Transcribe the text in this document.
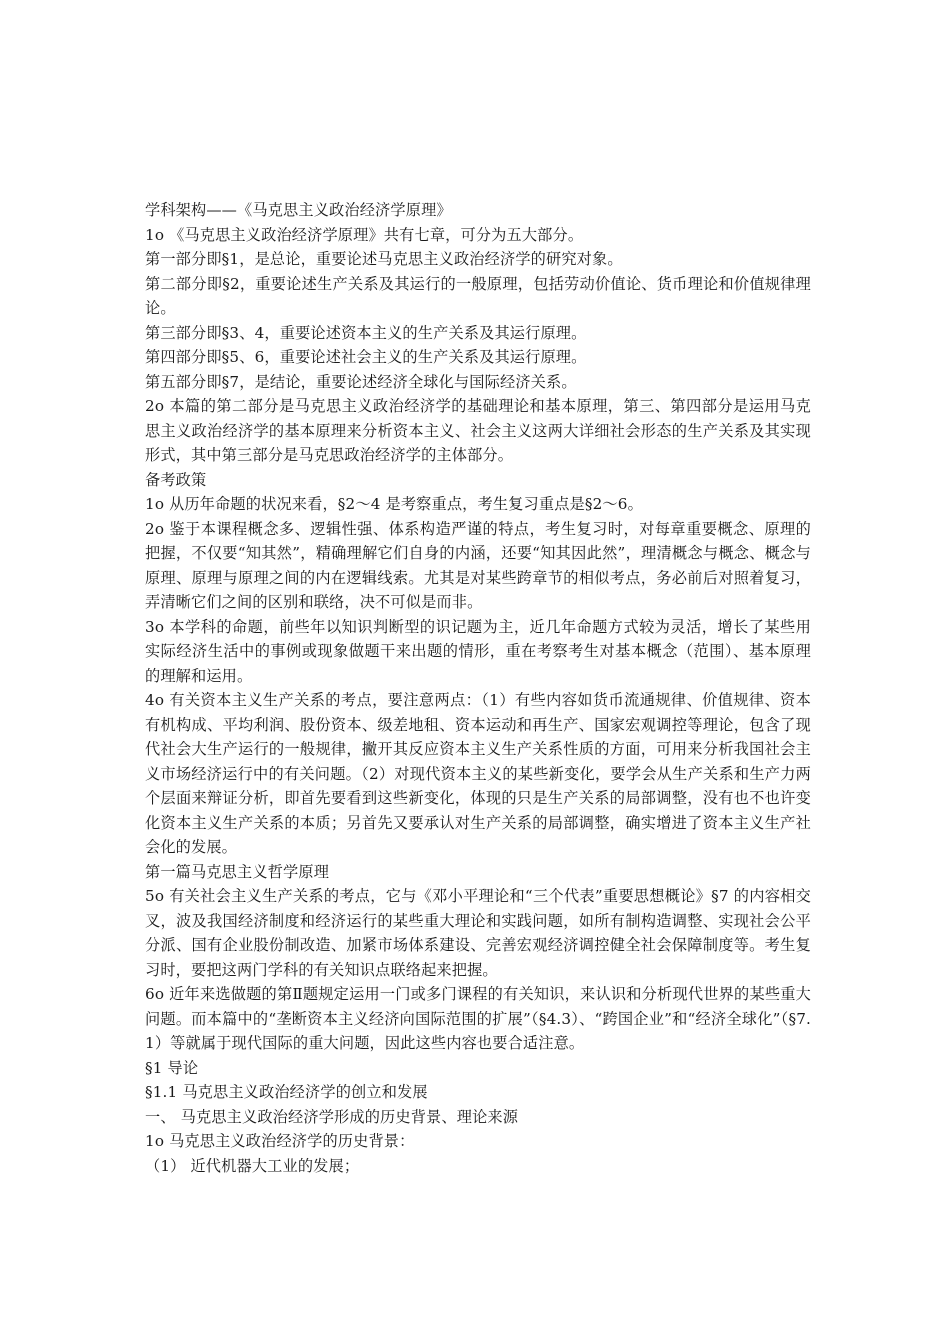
学科架构——《马克思主义政治经济学原理》

1o 《马克思主义政治经济学原理》共有七章，可分为五大部分。

第一部分即§1，是总论，重要论述马克思主义政治经济学的研究对象。

第二部分即§2，重要论述生产关系及其运行的一般原理，包括劳动价值论、货币理论和价值规律理论。

第三部分即§3、4，重要论述资本主义的生产关系及其运行原理。

第四部分即§5、6，重要论述社会主义的生产关系及其运行原理。

第五部分即§7，是结论，重要论述经济全球化与国际经济关系。

2o 本篇的第二部分是马克思主义政治经济学的基础理论和基本原理，第三、第四部分是运用马克思主义政治经济学的基本原理来分析资本主义、社会主义这两大详细社会形态的生产关系及其实现形式，其中第三部分是马克思政治经济学的主体部分。

备考政策

1o 从历年命题的状况来看，§2～4 是考察重点，考生复习重点是§2～6。

2o 鉴于本课程概念多、逻辑性强、体系构造严谨的特点，考生复习时，对每章重要概念、原理的把握，不仅要“知其然”，精确理解它们自身的内涵，还要“知其因此然”，理清概念与概念、概念与原理、原理与原理之间的内在逻辑线索。尤其是对某些跨章节的相似考点，务必前后对照着复习，弄清晰它们之间的区别和联络，决不可似是而非。

3o 本学科的命题，前些年以知识判断型的识记题为主，近几年命题方式较为灵活，增长了某些用实际经济生活中的事例或现象做题干来出题的情形，重在考察考生对基本概念（范围）、基本原理的理解和运用。

4o 有关资本主义生产关系的考点，要注意两点：（1）有些内容如货币流通规律、价值规律、资本有机构成、平均利润、股份资本、级差地租、资本运动和再生产、国家宏观调控等理论，包含了现代社会大生产运行的一般规律，撇开其反应资本主义生产关系性质的方面，可用来分析我国社会主义市场经济运行中的有关问题。（2）对现代资本主义的某些新变化，要学会从生产关系和生产力两个层面来辩证分析，即首先要看到这些新变化，体现的只是生产关系的局部调整，没有也不也许变化资本主义生产关系的本质；另首先又要承认对生产关系的局部调整，确实增进了资本主义生产社会化的发展。

第一篇马克思主义哲学原理

5o 有关社会主义生产关系的考点，它与《邓小平理论和“三个代表”重要思想概论》§7 的内容相交叉，波及我国经济制度和经济运行的某些重大理论和实践问题，如所有制构造调整、实现社会公平分派、国有企业股份制改造、加紧市场体系建设、完善宏观经济调控健全社会保障制度等。考生复习时，要把这两门学科的有关知识点联络起来把握。

6o 近年来选做题的第Ⅱ题规定运用一门或多门课程的有关知识，来认识和分析现代世界的某些重大问题。而本篇中的“垄断资本主义经济向国际范围的扩展”（§4.3）、“跨国企业”和“经济全球化”（§7.1）等就属于现代国际的重大问题，因此这些内容也要合适注意。

§1 导论

§1.1 马克思主义政治经济学的创立和发展

一、 马克思主义政治经济学形成的历史背景、理论来源

1o 马克思主义政治经济学的历史背景：

（1） 近代机器大工业的发展；
